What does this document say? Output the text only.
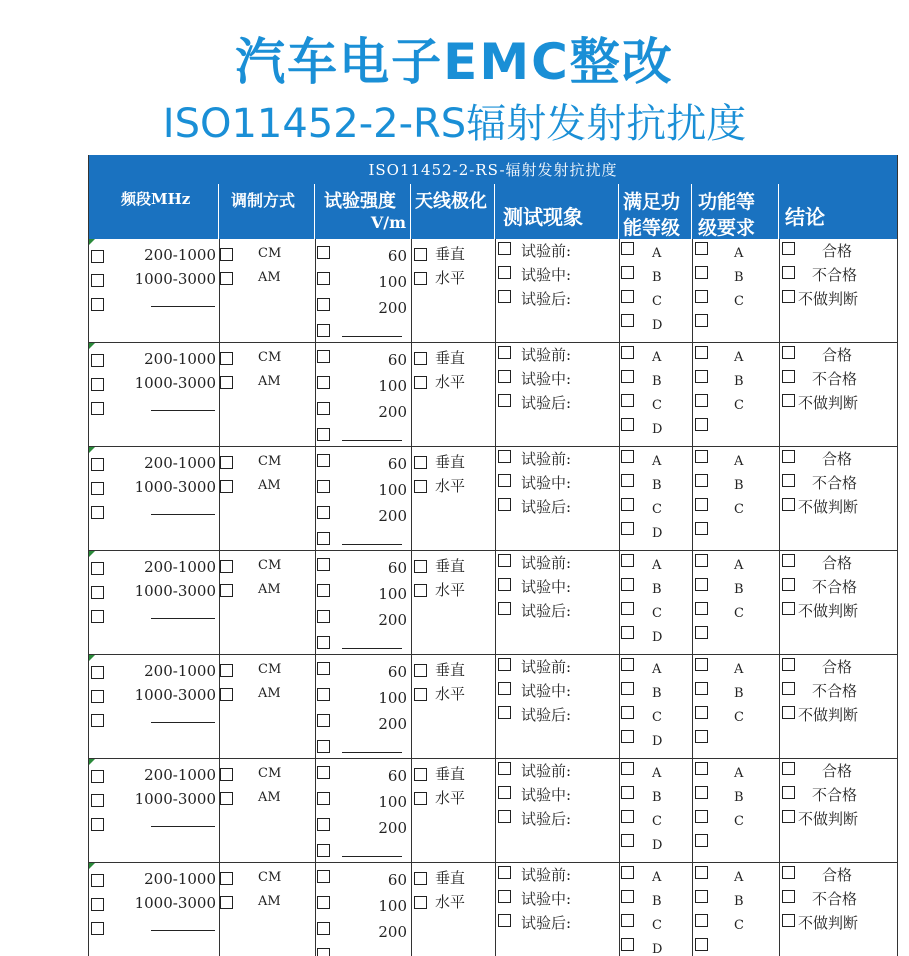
汽车电子EMC整改
ISO11452-2-RS辐射发射抗扰度
ISO11452-2-RS-辐射发射抗扰度
频段MHz	调制方式 试验强度
V/m
天线极化
测试现象
满足功
能等级
功能等
级要求 结论
200-1000
1000-3000
CM
AM
60
100
200
垂直
水平
试验前:
试验中:
试验后:
A
B
C
D
A
B
C
合格
不合格
不做判断
200-1000
1000-3000
CM
AM
60
100
200
垂直
水平
试验前:
试验中:
试验后:
A
B
C
D
A
B
C
合格
不合格
不做判断
200-1000
1000-3000
CM
AM
60
100
200
垂直
水平
试验前:
试验中:
试验后:
A
B
C
D
A
B
C
合格
不合格
不做判断
200-1000
1000-3000
CM
AM
60
100
200
垂直
水平
试验前:
试验中:
试验后:
A
B
C
D
A
B
C
合格
不合格
不做判断
200-1000
1000-3000
CM
AM
60
100
200
垂直
水平
试验前:
试验中:
试验后:
A
B
C
D
A
B
C
合格
不合格
不做判断
200-1000
1000-3000
CM
AM
60
100
200
垂直
水平
试验前:
试验中:
试验后:
A
B
C
D
A
B
C
合格
不合格
不做判断
200-1000
1000-3000
CM
AM
60
100
200
垂直
水平
试验前:
试验中:
试验后:
A
B
C
D
A
B
C
合格
不合格
不做判断
